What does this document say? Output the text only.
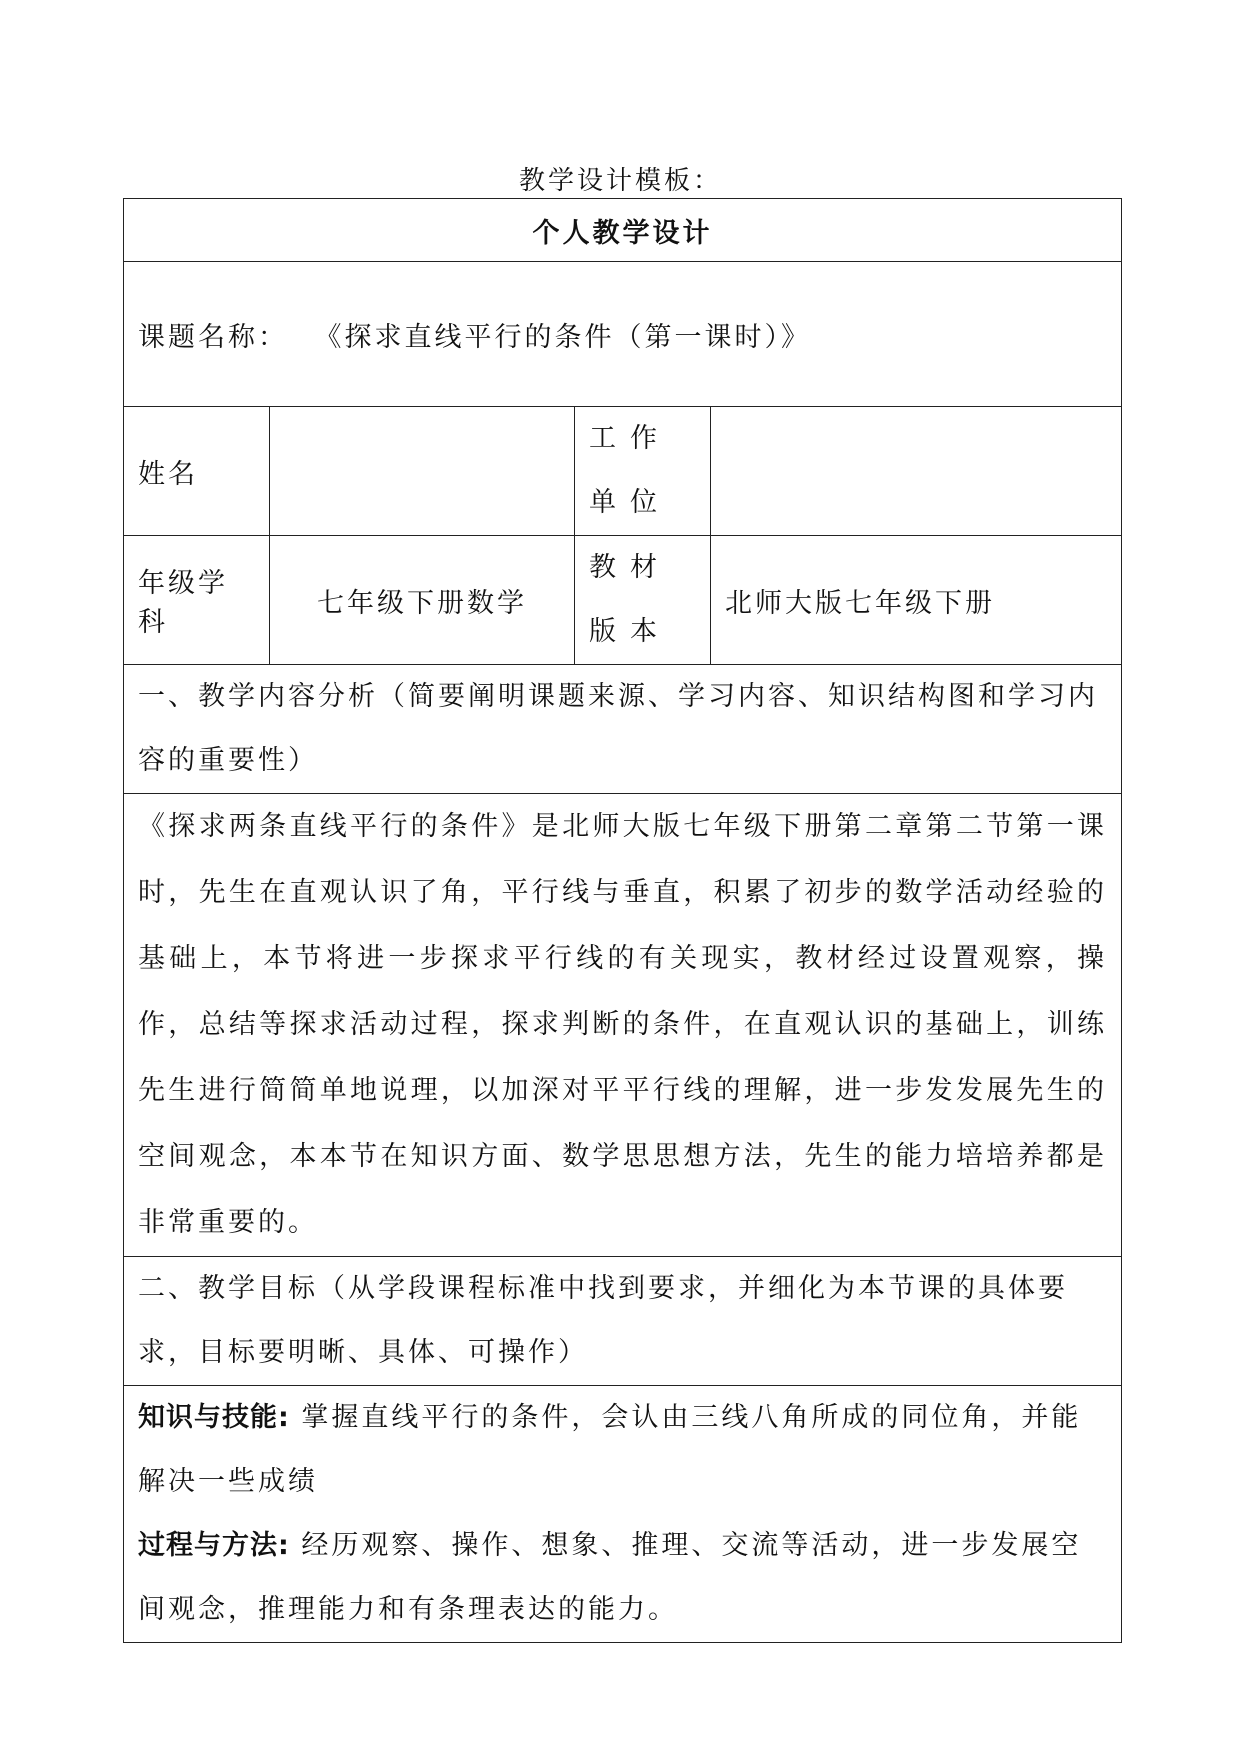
教学设计模板：
个人教学设计			
课题名称： 《探求直线平行的条件（第一课时）》			
姓名		工作单位	
年级学科	七年级下册数学	教材版本	北师大版七年级下册
一、教学内容分析（简要阐明课题来源、学习内容、知识结构图和学习内容的重要性）			
《探求两条直线平行的条件》是北师大版七年级下册第二章第二节第一课时，先生在直观认识了角，平行线与垂直，积累了初步的数学活动经验的基础上，本节将进一步探求平行线的有关现实，教材经过设置观察，操作，总结等探求活动过程，探求判断的条件，在直观认识的基础上，训练先生进行简简单地说理，以加深对平平行线的理解，进一步发发展先生的空间观念，本本节在知识方面、数学思思想方法，先生的能力培培养都是非常重要的。			
二、教学目标（从学段课程标准中找到要求，并细化为本节课的具体要求，目标要明晰、具体、可操作）			

知识与技能: 掌握直线平行的条件，会认由三线八角所成的同位角，并能解决一些成绩

过程与方法: 经历观察、操作、想象、推理、交流等活动，进一步发展空间观念，推理能力和有条理表达的能力。			
